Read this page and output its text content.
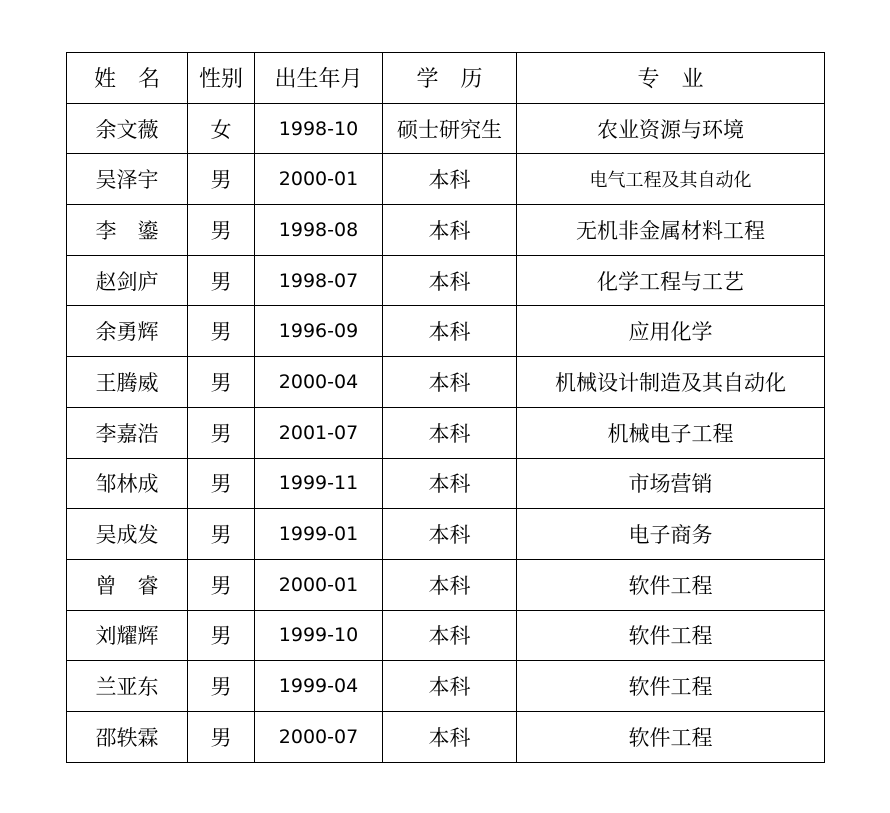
姓　名	性别	出生年月	学　历	专　业
余文薇	女	1998-10	硕士研究生	农业资源与环境
吴泽宇	男	2000-01	本科	电气工程及其自动化
李　鎏	男	1998-08	本科	无机非金属材料工程
赵剑庐	男	1998-07	本科	化学工程与工艺
余勇辉	男	1996-09	本科	应用化学
王腾威	男	2000-04	本科	机械设计制造及其自动化
李嘉浩	男	2001-07	本科	机械电子工程
邹林成	男	1999-11	本科	市场营销
吴成发	男	1999-01	本科	电子商务
曾　睿	男	2000-01	本科	软件工程
刘耀辉	男	1999-10	本科	软件工程
兰亚东	男	1999-04	本科	软件工程
邵轶霖	男	2000-07	本科	软件工程
